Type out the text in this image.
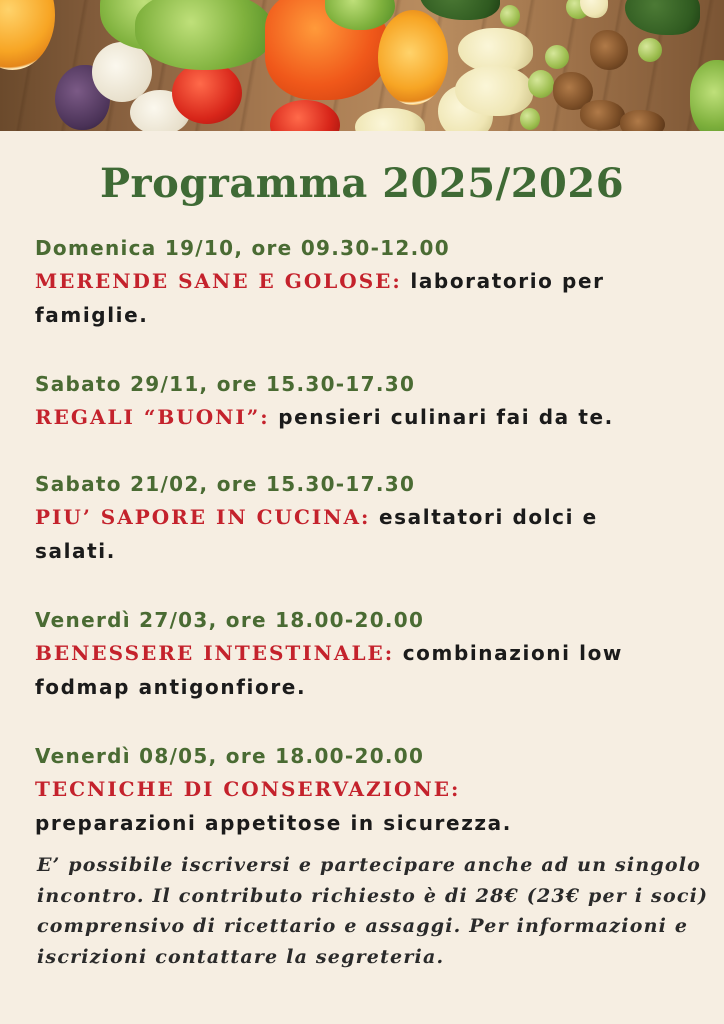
Programma 2025/2026
Domenica 19/10, ore 09.30-12.00
MERENDE SANE E GOLOSE: laboratorio per famiglie.
Sabato 29/11, ore 15.30-17.30
REGALI “BUONI”: pensieri culinari fai da te.
Sabato 21/02, ore 15.30-17.30
PIU’ SAPORE IN CUCINA: esaltatori dolci e salati.
Venerdì 27/03, ore 18.00-20.00
BENESSERE INTESTINALE: combinazioni low fodmap antigonfiore.
Venerdì 08/05, ore 18.00-20.00
TECNICHE DI CONSERVAZIONE: preparazioni appetitose in sicurezza.
E’ possibile iscriversi e partecipare anche ad un singolo incontro. Il contributo richiesto è di 28€ (23€ per i soci) comprensivo di ricettario e assaggi. Per informazioni e iscrizioni contattare la segreteria.
